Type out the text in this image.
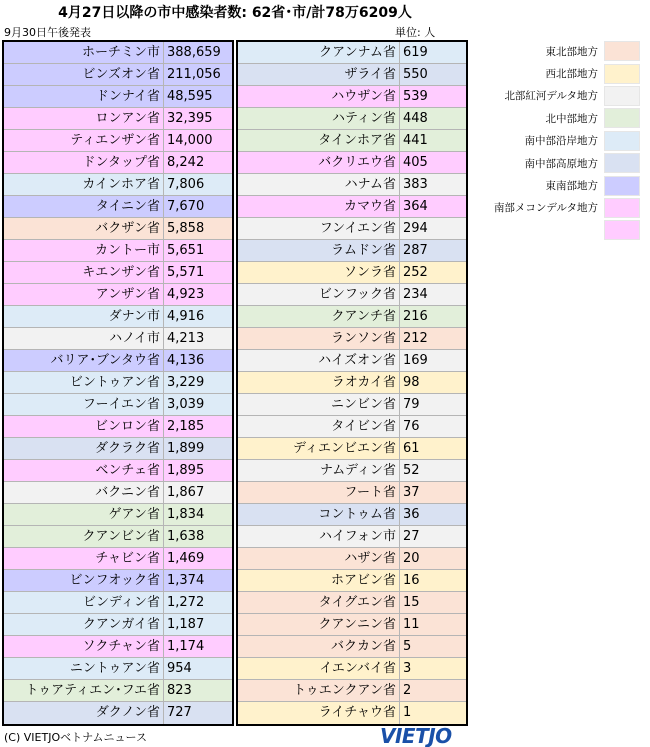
4月27日以降の市中感染者数: 62省･市/計78万6209人
9月30日午後発表	単位: 人
ホーチミン市 388,659
ビンズオン省 211,056
ドンナイ省 48,595
ロンアン省 32,395
ティエンザン省 14,000
ドンタップ省 8,242
カインホア省 7,806
タイニン省 7,670
バクザン省 5,858
カントー市 5,651
キエンザン省 5,571
アンザン省 4,923
ダナン市 4,916
ハノイ市 4,213
バリア･ブンタウ省 4,136
ビントゥアン省 3,229
フーイエン省 3,039
ビンロン省 2,185
ダクラク省 1,899
ベンチェ省 1,895
バクニン省 1,867
ゲアン省 1,834
クアンビン省 1,638
チャビン省 1,469
ビンフオック省 1,374
ビンディン省 1,272
クアンガイ省 1,187
ソクチャン省 1,174
ニントゥアン省 954
トゥアティエン･フエ省 823
ダクノン省 727
クアンナム省 619
ザライ省 550
ハウザン省 539
ハティン省 448
タインホア省 441
バクリエウ省 405
ハナム省 383
カマウ省 364
フンイエン省 294
ラムドン省 287
ソンラ省 252
ビンフック省 234
クアンチ省 216
ランソン省 212
ハイズオン省 169
ラオカイ省 98
ニンビン省 79
タイビン省 76
ディエンビエン省 61
ナムディン省 52
フート省 37
コントゥム省 36
ハイフォン市 27
ハザン省 20
ホアビン省 16
タイグエン省 15
クアンニン省 11
バクカン省 5
イエンバイ省 3
トゥエンクアン省 2
ライチャウ省 1
東北部地方
西北部地方
北部紅河デルタ地方
北中部地方
南中部沿岸地方
南中部高原地方
東南部地方
南部メコンデルタ地方
(C) VIETJOベトナムニュース	VIETJO
